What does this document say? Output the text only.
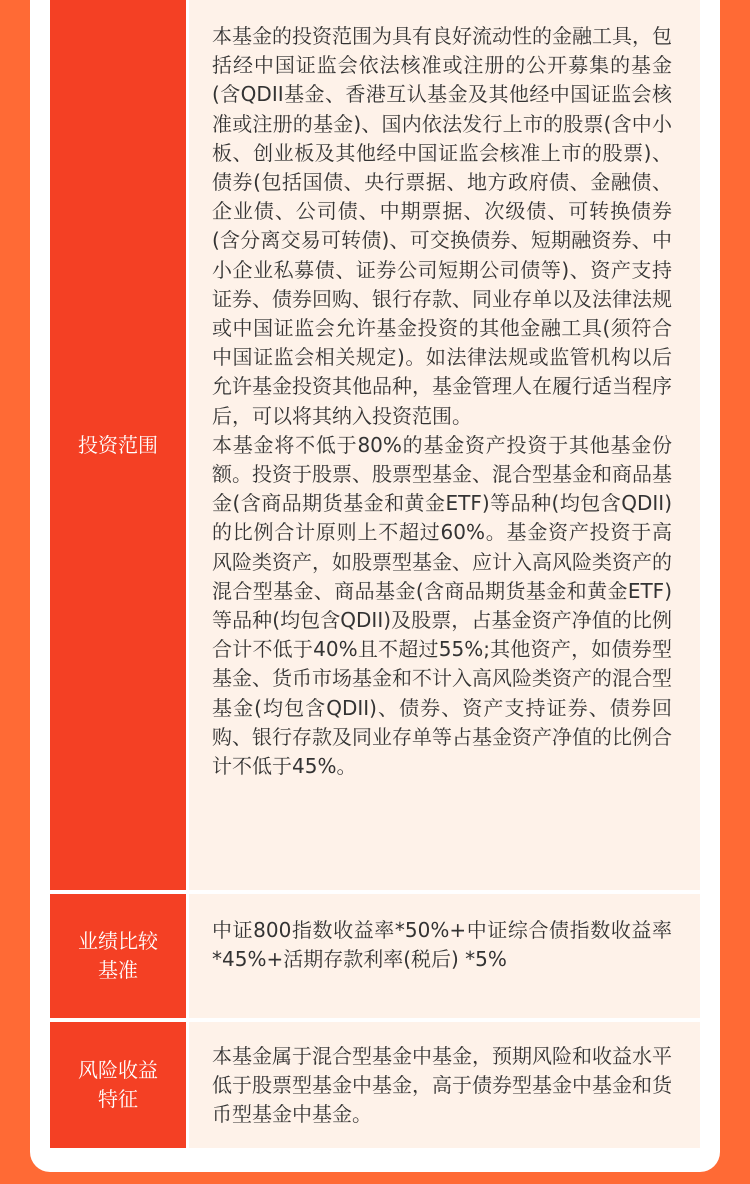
投资范围

本基金的投资范围为具有良好流动性的金融工具，包括经中国证监会依法核准或注册的公开募集的基金(含QDII基金、香港互认基金及其他经中国证监会核准或注册的基金)、国内依法发行上市的股票(含中小板、创业板及其他经中国证监会核准上市的股票)、债券(包括国债、央行票据、地方政府债、金融债、企业债、公司债、中期票据、次级债、可转换债券(含分离交易可转债)、可交换债券、短期融资券、中小企业私募债、证券公司短期公司债等)、资产支持证券、债券回购、银行存款、同业存单以及法律法规或中国证监会允许基金投资的其他金融工具(须符合中国证监会相关规定)。如法律法规或监管机构以后允许基金投资其他品种，基金管理人在履行适当程序后，可以将其纳入投资范围。

本基金将不低于80%的基金资产投资于其他基金份额。投资于股票、股票型基金、混合型基金和商品基金(含商品期货基金和黄金ETF)等品种(均包含QDII)的比例合计原则上不超过60%。基金资产投资于高风险类资产，如股票型基金、应计入高风险类资产的混合型基金、商品基金(含商品期货基金和黄金ETF)等品种(均包含QDII)及股票，占基金资产净值的比例合计不低于40%且不超过55%;其他资产，如债券型基金、货币市场基金和不计入高风险类资产的混合型基金(均包含QDII)、债券、资产支持证券、债券回购、银行存款及同业存单等占基金资产净值的比例合计不低于45%。

业绩比较
基准

中证800指数收益率*50%+中证综合债指数收益率*45%+活期存款利率(税后) *5%

风险收益
特征

本基金属于混合型基金中基金，预期风险和收益水平低于股票型基金中基金，高于债券型基金中基金和货币型基金中基金。
